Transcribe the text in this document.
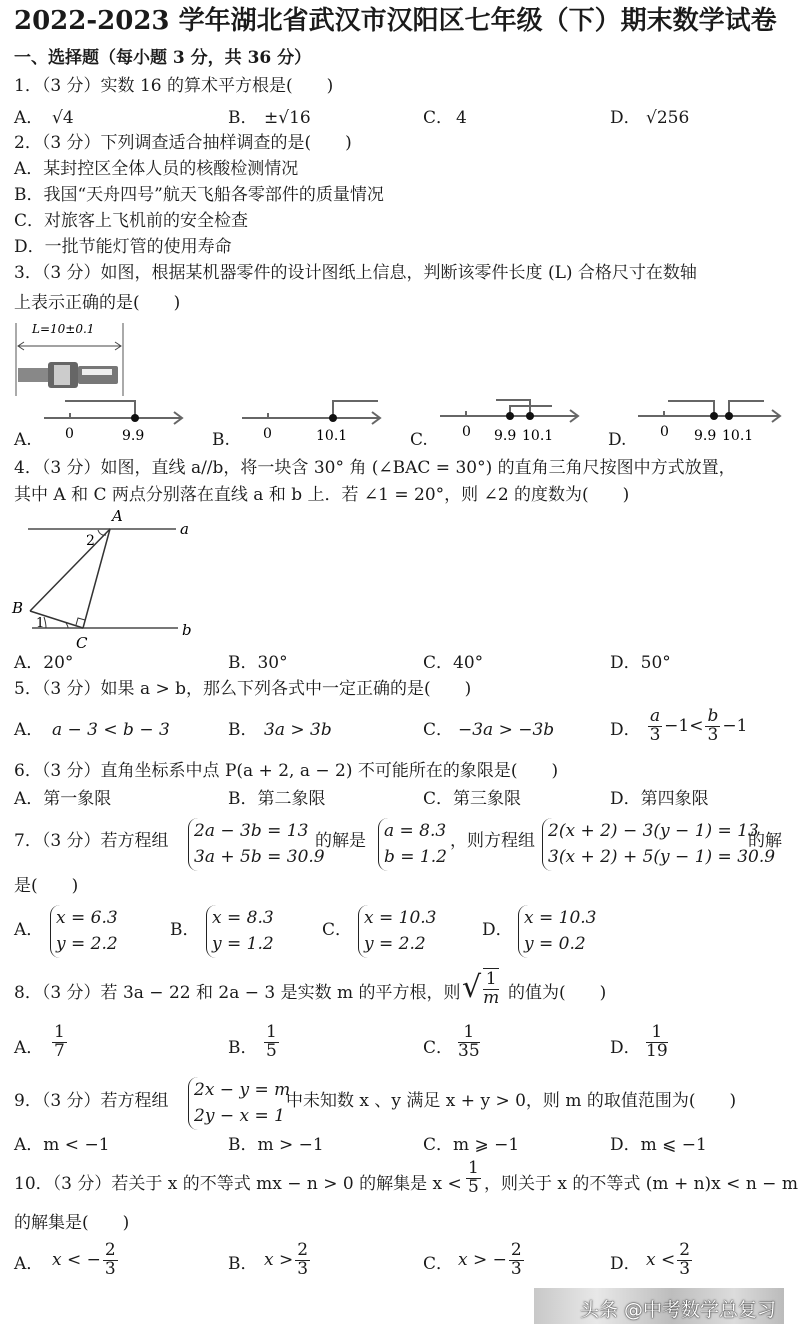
2022-2023 学年湖北省武汉市汉阳区七年级（下）期末数学试卷
一、选择题（每小题 3 分，共 36 分）
1．（3 分）实数 16 的算术平方根是(　　)
A． √4	B． ±√16	C． 4	D． √256
2．（3 分）下列调查适合抽样调查的是(　　)
A．某封控区全体人员的核酸检测情况
B．我国“天舟四号”航天飞船各零部件的质量情况
C．对旅客上飞机前的安全检查
D．一批节能灯管的使用寿命
3．（3 分）如图，根据某机器零件的设计图纸上信息，判断该零件长度 (L) 合格尺寸在数轴
上表示正确的是(　　)
L=10±0.1
A. 0	9.9	B. 0	10.1	C. 0 9.9 10.1	D. 0 9.9 10.1
4．（3 分）如图，直线 a//b，将一块含 30° 角 (∠BAC = 30°) 的直角三角尺按图中方式放置，
其中 A 和 C 两点分别落在直线 a 和 b 上．若 ∠1 = 20°，则 ∠2 的度数为(　　)
A
a
B
C
b
2
1
A．20°	B．30°	C．40°	D．50°
5．（3 分）如果 a > b，那么下列各式中一定正确的是(　　)
A． a − 3 < b − 3	B． 3a > 3b	C． −3a > −3b	D． $\frac{a}{3} -1< \frac{b}{3} -1$
6．（3 分）直角坐标系中点 P(a + 2, a − 2) 不可能所在的象限是(　　)
A．第一象限	B．第二象限	C．第三象限	D．第四象限
7．（3 分）若方程组 2a − 3b = 13
3a + 5b = 30.9
的解是 a = 8.3
b = 1.2
，则方程组 2(x + 2) − 3(y − 1) = 13
3(x + 2) + 5(y − 1) = 30.9
的解
是(　　)
A．
x = 6.3
y = 2.2
B．
x = 8.3
y = 1.2
C．
x = 10.3
y = 2.2
D．
x = 10.3
y = 0.2
8．（3 分）若 3a − 22 和 2a − 3 是实数 m 的平方根，则 √ $\frac{1}{m}$ 的值为(　　)
A． $\frac{1}{7}$	B． $\frac{1}{5}$	C． $\frac{1}{35}$	D． $\frac{1}{19}$
9．（3 分）若方程组
2x − y = m
2y − x = 1
中未知数 x 、y 满足 x + y > 0，则 m 的取值范围为(　　)
A．m < −1	B．m > −1	C．m ⩾ −1	D．m ⩽ −1
10．（3 分）若关于 x 的不等式 mx − n > 0 的解集是 $x < \frac{1}{5}$ ，则关于 x 的不等式 (m + n)x < n − m
的解集是(　　)
A． x < − $\frac{2}{3}$	B． $x > \frac{2}{3}$	C． x > − $\frac{2}{3}$	D． $x < \frac{2}{3}$
头条 @中考数学总复习
